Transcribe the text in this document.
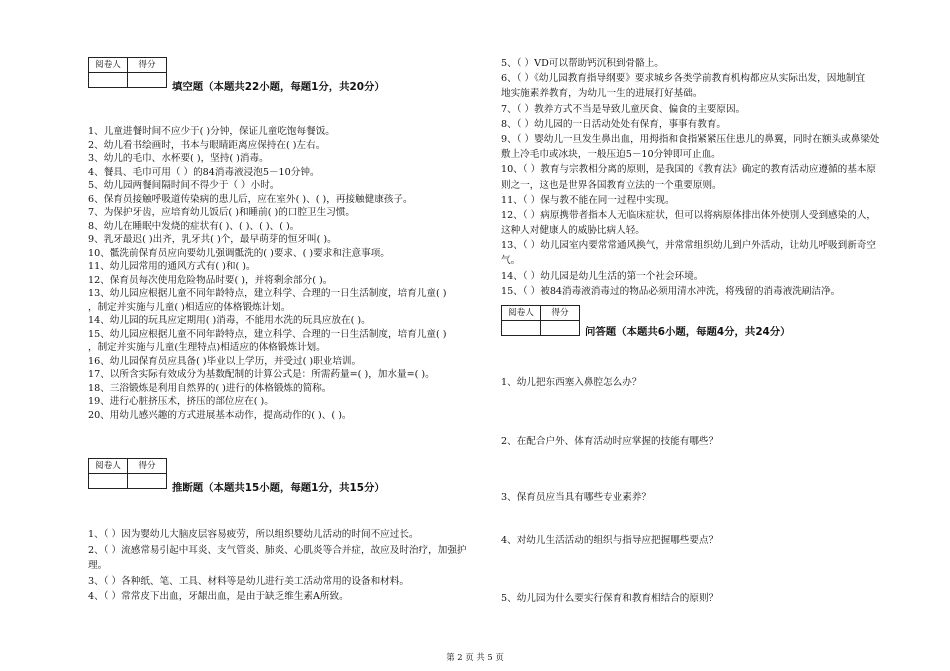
阅卷人	得分

填空题（本题共22小题，每题1分，共20分）
1、儿童进餐时间不应少于( )分钟，保证儿童吃饱每餐饭。
2、幼儿看书绘画时，书本与眼睛距离应保持在( )左右。
3、幼儿的毛巾、水杯要( )，坚持( )消毒。
4、餐具、毛巾可用（ ）的84消毒液浸泡5－10分钟。
5、幼儿园两餐间隔时间不得少于（ ）小时。
6、保育员接触呼吸道传染病的患儿后，应在室外( )、( )，再接触健康孩子。
7、为保护牙齿，应培育幼儿饭后( )和睡前( )的口腔卫生习惯。
8、幼儿在睡眠中发烧的症状有( )、( )、( )、( )。
9、乳牙最迟( )出齐，乳牙共( )个，最早萌芽的恒牙叫( )。
10、骶洗前保育员应向要幼儿强调骶洗的( )要求、( )要求和注意事项。
11、幼儿园常用的通风方式有( )和( )。
12、保育员每次使用危险物品时要( )，并将剩余部分( )。
13、幼儿园应根据儿童不同年龄特点，建立科学、合理的一日生活制度，培育儿童( )
，制定并实施与儿童( )相适应的体格锻炼计划。
14、幼儿园的玩具应定期用( )消毒，不能用水洗的玩具应放在( )。
15、幼儿园应根据儿童不同年龄特点，建立科学、合理的一日生活制度，培育儿童( )
，制定并实施与儿童(生理特点)相适应的体格锻炼计划。
16、幼儿园保育员应具备( )毕业以上学历，并受过( )职业培训。
17、以所含实际有效成分为基数配制的计算公式是：所需药量=( )，加水量=( )。
18、三浴锻炼是利用自然界的( )进行的体格锻炼的简称。
19、进行心脏挤压术，挤压的部位应在( )。
20、用幼儿感兴趣的方式进展基本动作，提高动作的( )、( )。
阅卷人	得分

推断题（本题共15小题，每题1分，共15分）
1、（ ）因为婴幼儿大脑皮层容易疲劳，所以组织婴幼儿活动的时间不应过长。
2、（ ）流感常易引起中耳炎、支气管炎、肺炎、心肌炎等合并症，故应及时治疗，加强护
理。
3、（ ）各种纸、笔、工具、材料等是幼儿进行美工活动常用的设备和材料。
4、（ ）常常皮下出血，牙龈出血，是由于缺乏维生素A所致。
5、（ ）VD可以帮助钙沉积到骨骼上。
6、（ ）《幼儿园教育指导纲要》要求城乡各类学前教育机构都应从实际出发，因地制宜
地实施素养教育，为幼儿一生的进展打好基础。
7、（ ）教养方式不当是导致儿童厌食、偏食的主要原因。
8、（ ）幼儿园的一日活动处处有保育，事事有教育。
9、（ ）婴幼儿一旦发生鼻出血，用拇指和食指紧紧压住患儿的鼻翼，同时在额头或鼻梁处
敷上冷毛巾或冰块，一般压迫5－10分钟即可止血。
10、（ ）教育与宗教相分离的原则，是我国的《教育法》确定的教育活动应遵循的基本原
则之一，这也是世界各国教育立法的一个重要原则。
11、（ ）保与教不能在同一过程中实现。
12、（ ）病原携带者指本人无临床症状，但可以将病原体排出体外使別人受到感染的人，
这种人对健康人的威胁比病人轻。
13、（ ）幼儿园室内要常常通风换气，并常常组织幼儿到户外活动，让幼儿呼吸到新奇空
气。
14、（ ）幼儿园是幼儿生活的第一个社会环境。
15、（ ）被84消毒液消毒过的物品必须用清水冲洗，将残留的消毒液洗刷洁净。
阅卷人	得分

问答题（本题共6小题，每题4分，共24分）
1、幼儿把东西塞入鼻腔怎么办？
2、在配合户外、体育活动时应掌握的技能有哪些？
3、保育员应当具有哪些专业素养？
4、对幼儿生活活动的组织与指导应把握哪些要点？
5、幼儿园为什么要实行保育和教育相结合的原则？
第 2 页 共 5 页
